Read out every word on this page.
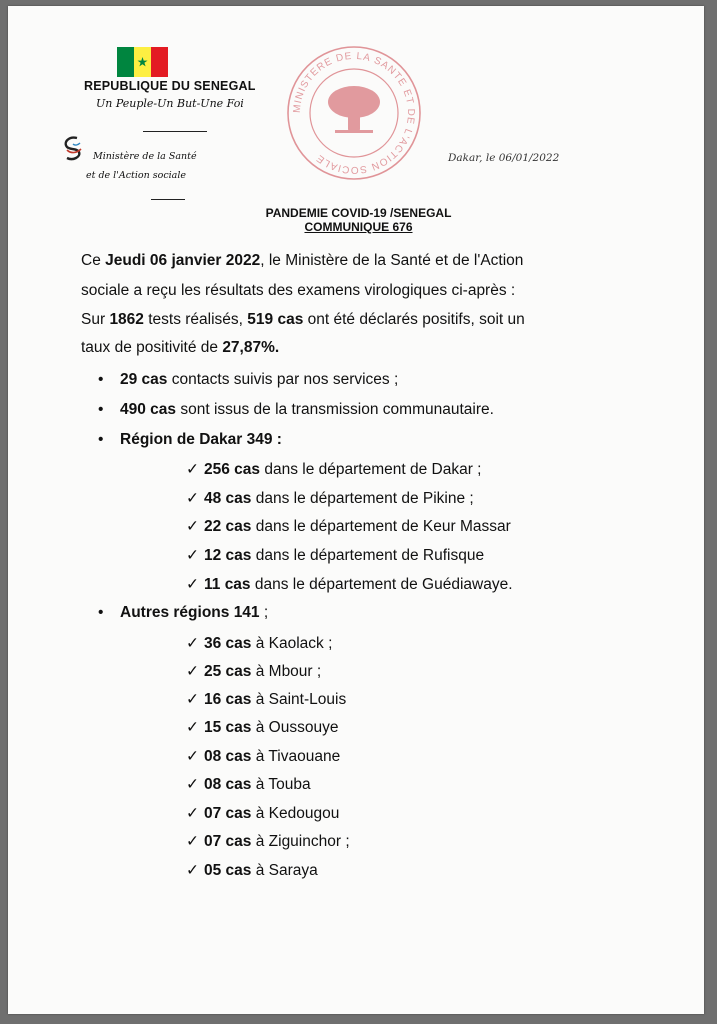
REPUBLIQUE DU SENEGAL
Un Peuple-Un But-Une Foi
Ministère de la Santé
et de l'Action sociale
MINISTERE DE LA SANTE ET DE L'ACTION SOCIALE	Dakar, le 06/01/2022
PANDEMIE COVID-19 /SENEGAL
COMMUNIQUE 676
Ce Jeudi 06 janvier 2022, le Ministère de la Santé et de l'Action
sociale a reçu les résultats des examens virologiques ci-après :
Sur 1862 tests réalisés, 519 cas ont été déclarés positifs, soit un
taux de positivité de 27,87%.
• 29 cas contacts suivis par nos services ;
• 490 cas sont issus de la transmission communautaire.
• Région de Dakar 349 :
✓ 256 cas dans le département de Dakar ;
✓ 48 cas dans le département de Pikine ;
✓ 22 cas dans le département de Keur Massar
✓ 12 cas dans le département de Rufisque
✓ 11 cas dans le département de Guédiawaye.
• Autres régions 141 ;
✓ 36 cas à Kaolack ;
✓ 25 cas à Mbour ;
✓ 16 cas à Saint-Louis
✓ 15 cas à Oussouye
✓ 08 cas à Tivaouane
✓ 08 cas à Touba
✓ 07 cas à Kedougou
✓ 07 cas à Ziguinchor ;
✓ 05 cas à Saraya
